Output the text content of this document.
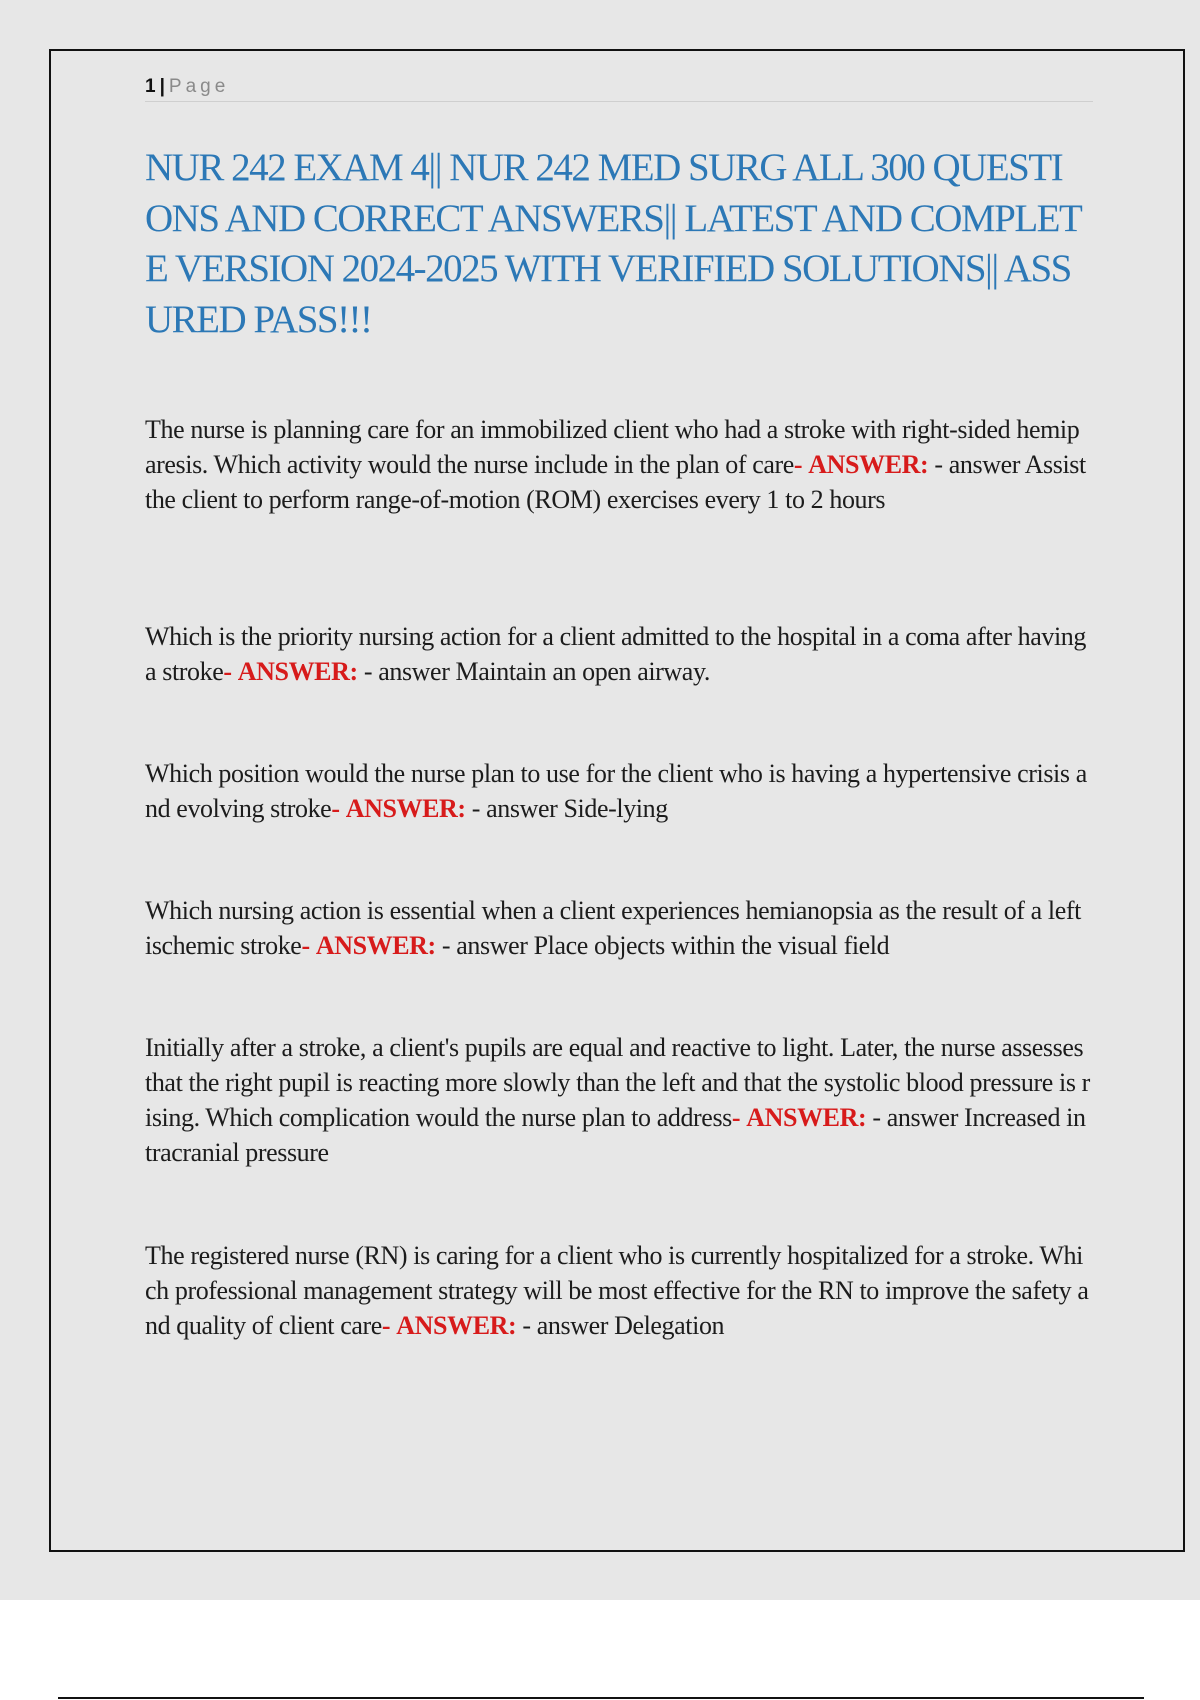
1 | Page
NUR 242 EXAM 4|| NUR 242 MED SURG ALL 300 QUESTIONS AND CORRECT ANSWERS|| LATEST AND COMPLETE VERSION 2024-2025 WITH VERIFIED SOLUTIONS|| ASSURED PASS!!!

The nurse is planning care for an immobilized client who had a stroke with right-sided hemiparesis. Which activity would the nurse include in the plan of care- ANSWER: - answer Assist the client to perform range-of-motion (ROM) exercises every 1 to 2 hours

Which is the priority nursing action for a client admitted to the hospital in a coma after having a stroke- ANSWER: - answer Maintain an open airway.

Which position would the nurse plan to use for the client who is having a hypertensive crisis and evolving stroke- ANSWER: - answer Side-lying

Which nursing action is essential when a client experiences hemianopsia as the result of a left ischemic stroke- ANSWER: - answer Place objects within the visual field

Initially after a stroke, a client's pupils are equal and reactive to light. Later, the nurse assesses that the right pupil is reacting more slowly than the left and that the systolic blood pressure is rising. Which complication would the nurse plan to address- ANSWER: - answer Increased intracranial pressure

The registered nurse (RN) is caring for a client who is currently hospitalized for a stroke. Which professional management strategy will be most effective for the RN to improve the safety and quality of client care- ANSWER: - answer Delegation
